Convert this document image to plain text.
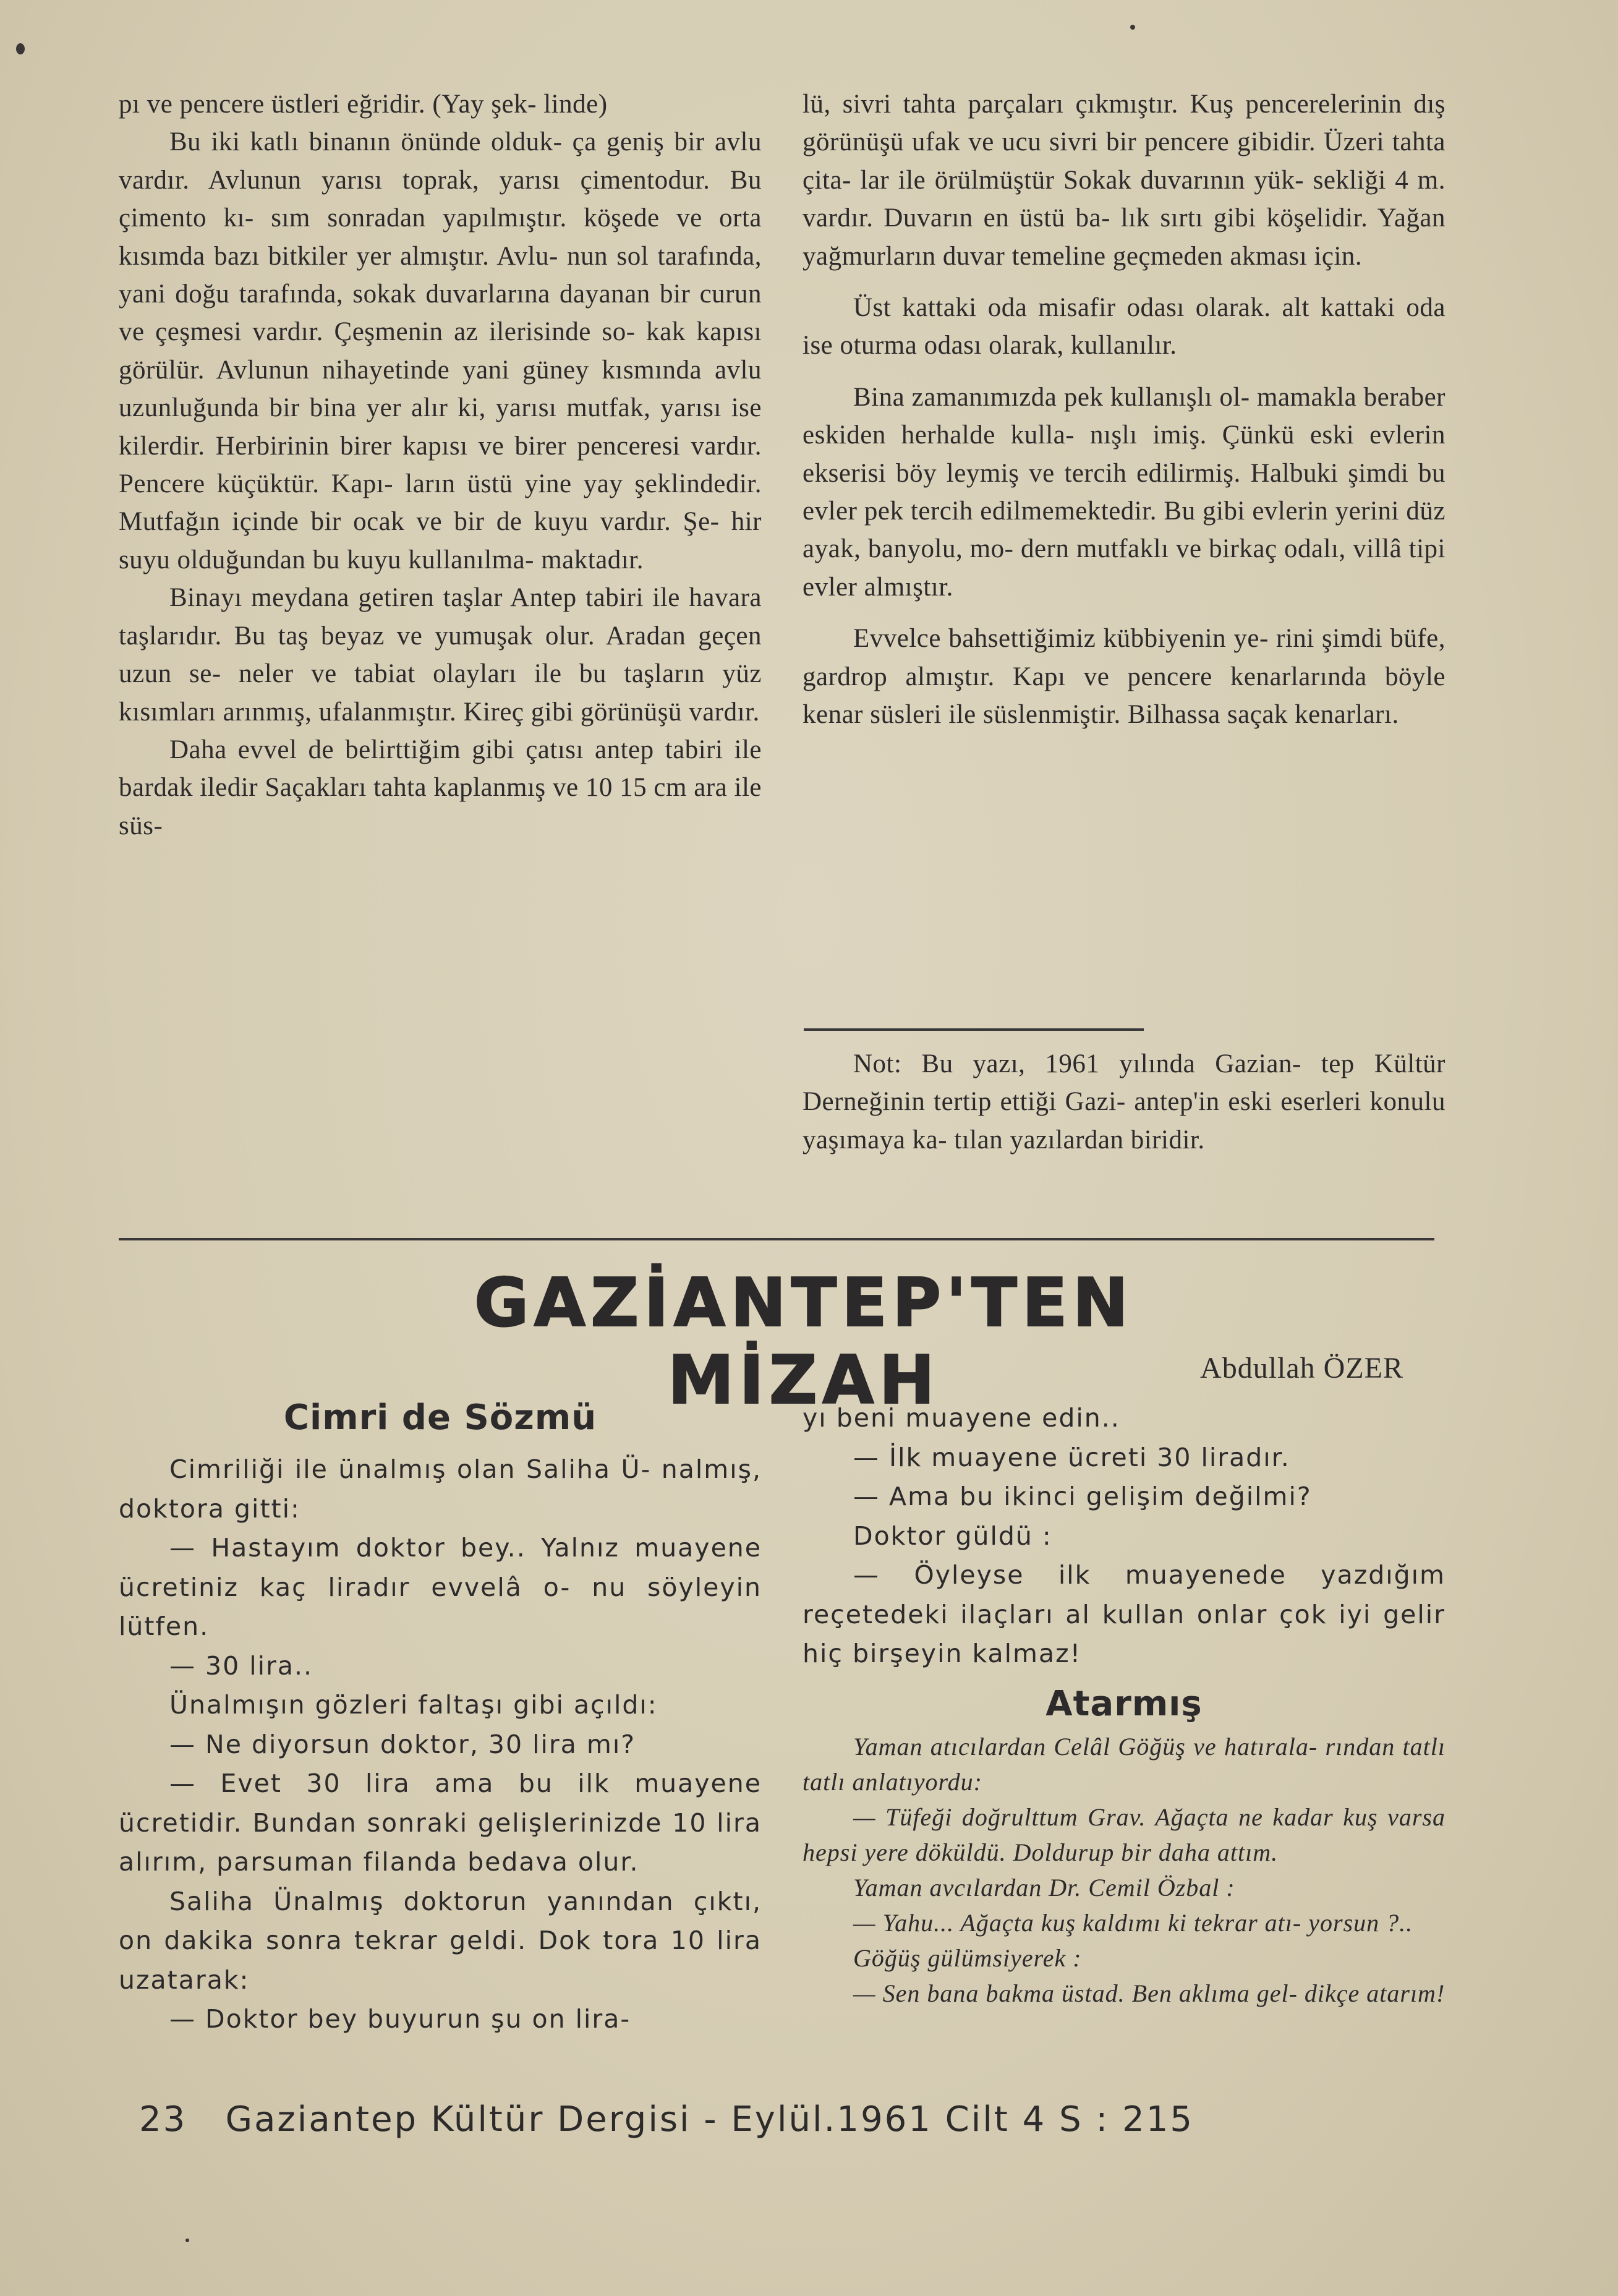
pı ve pencere üstleri eğridir. (Yay şek- linde)

Bu iki katlı binanın önünde olduk- ça geniş bir avlu vardır. Avlunun yarısı toprak, yarısı çimentodur. Bu çimento kı- sım sonradan yapılmıştır. köşede ve orta kısımda bazı bitkiler yer almıştır. Avlu- nun sol tarafında, yani doğu tarafında, sokak duvarlarına dayanan bir curun ve çeşmesi vardır. Çeşmenin az ilerisinde so- kak kapısı görülür. Avlunun nihayetinde yani güney kısmında avlu uzunluğunda bir bina yer alır ki, yarısı mutfak, yarısı ise kilerdir. Herbirinin birer kapısı ve birer penceresi vardır. Pencere küçüktür. Kapı- ların üstü yine yay şeklindedir. Mutfağın içinde bir ocak ve bir de kuyu vardır. Şe- hir suyu olduğundan bu kuyu kullanılma- maktadır.

Binayı meydana getiren taşlar Antep tabiri ile havara taşlarıdır. Bu taş beyaz ve yumuşak olur. Aradan geçen uzun se- neler ve tabiat olayları ile bu taşların yüz kısımları arınmış, ufalanmıştır. Kireç gibi görünüşü vardır.

Daha evvel de belirttiğim gibi çatısı antep tabiri ile bardak iledir Saçakları tahta kaplanmış ve 10 15 cm ara ile süs-

lü, sivri tahta parçaları çıkmıştır. Kuş pencerelerinin dış görünüşü ufak ve ucu sivri bir pencere gibidir. Üzeri tahta çita- lar ile örülmüştür Sokak duvarının yük- sekliği 4 m. vardır. Duvarın en üstü ba- lık sırtı gibi köşelidir. Yağan yağmurların duvar temeline geçmeden akması için.

Üst kattaki oda misafir odası olarak. alt kattaki oda ise oturma odası olarak, kullanılır.

Bina zamanımızda pek kullanışlı ol- mamakla beraber eskiden herhalde kulla- nışlı imiş. Çünkü eski evlerin ekserisi böy leymiş ve tercih edilirmiş. Halbuki şimdi bu evler pek tercih edilmemektedir. Bu gibi evlerin yerini düz ayak, banyolu, mo- dern mutfaklı ve birkaç odalı, villâ tipi evler almıştır.

Evvelce bahsettiğimiz kübbiyenin ye- rini şimdi büfe, gardrop almıştır. Kapı ve pencere kenarlarında böyle kenar süsleri ile süslenmiştir. Bilhassa saçak kenarları.

Not: Bu yazı, 1961 yılında Gazian- tep Kültür Derneğinin tertip ettiği Gazi- antep'in eski eserleri konulu yaşımaya ka- tılan yazılardan biridir.

GAZİANTEP'TEN MİZAH	Abdullah ÖZER

Cimri de Sözmü

Cimriliği ile ünalmış olan Saliha Ü- nalmış, doktora gitti:

— Hastayım doktor bey.. Yalnız muayene ücretiniz kaç liradır evvelâ o- nu söyleyin lütfen.

— 30 lira..

Ünalmışın gözleri faltaşı gibi açıldı:

— Ne diyorsun doktor, 30 lira mı?

— Evet 30 lira ama bu ilk muayene ücretidir. Bundan sonraki gelişlerinizde 10 lira alırım, parsuman filanda bedava olur.

Saliha Ünalmış doktorun yanından çıktı, on dakika sonra tekrar geldi. Dok tora 10 lira uzatarak:

— Doktor bey buyurun şu on lira-

yı beni muayene edin..

— İlk muayene ücreti 30 liradır.

— Ama bu ikinci gelişim değilmi?

Doktor güldü :

— Öyleyse ilk muayenede yazdığım reçetedeki ilaçları al kullan onlar çok iyi gelir hiç birşeyin kalmaz!

Atarmış

Yaman atıcılardan Celâl Göğüş ve hatırala- rından tatlı tatlı anlatıyordu:

— Tüfeği doğrulttum Grav. Ağaçta ne kadar kuş varsa hepsi yere döküldü. Doldurup bir daha attım.

Yaman avcılardan Dr. Cemil Özbal :

— Yahu... Ağaçta kuş kaldımı ki tekrar atı- yorsun ?..

Göğüş gülümsiyerek :

— Sen bana bakma üstad. Ben aklıma gel- dikçe atarım!

23 Gaziantep Kültür Dergisi - Eylül.1961 Cilt 4 S : 215
